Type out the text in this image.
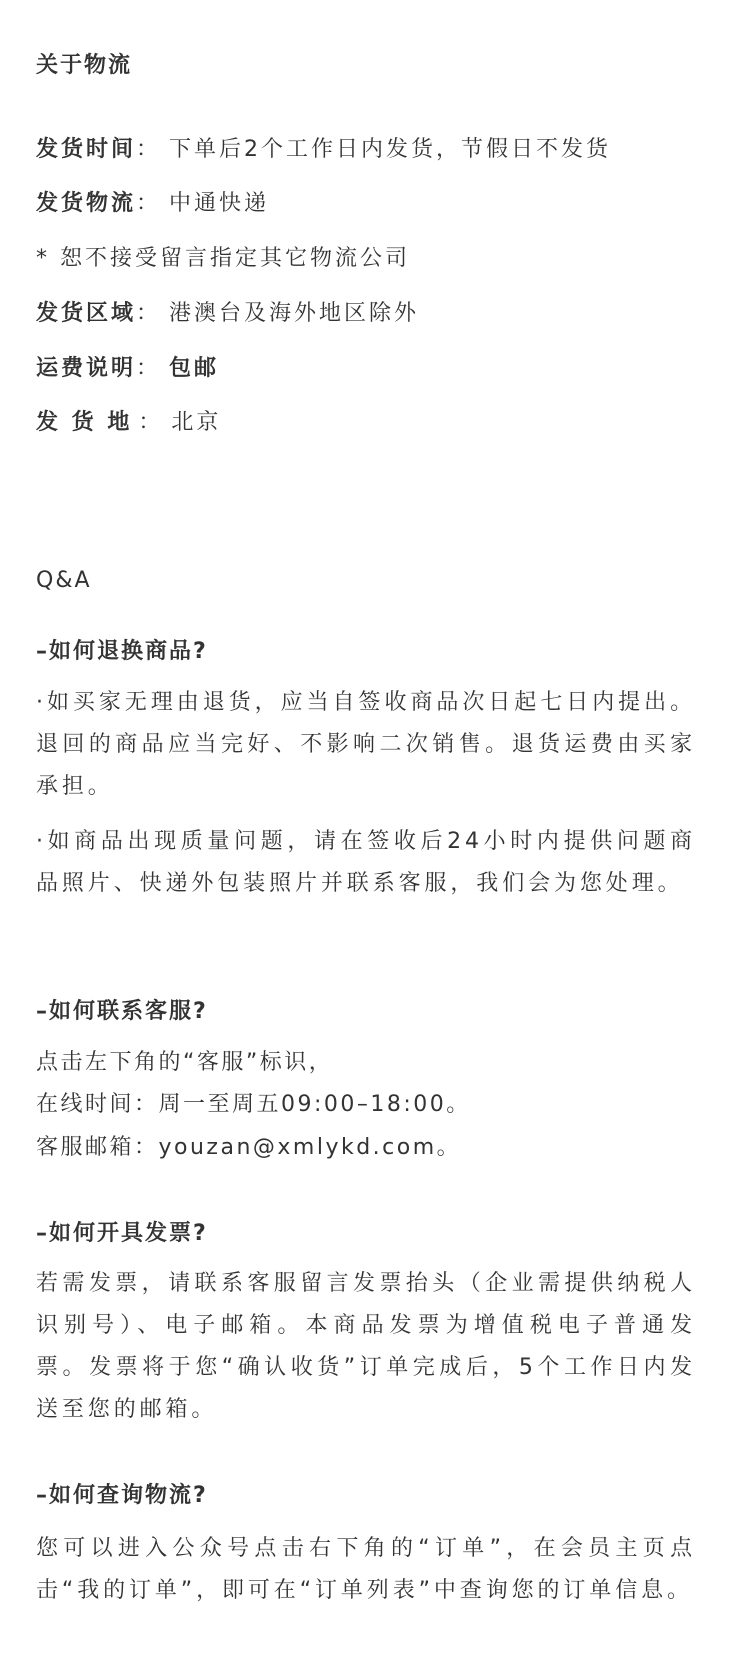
关于物流
发货时间： 下单后2个工作日内发货，节假日不发货
发货物流： 中通快递
* 恕不接受留言指定其它物流公司
发货区域： 港澳台及海外地区除外
运费说明： 包邮
发 货 地 ： 北京
Q&A
–如何退换商品?

·如买家无理由退货，应当自签收商品次日起七日内提出。退回的商品应当完好、不影响二次销售。退货运费由买家承担。

·如商品出现质量问题，请在签收后24小时内提供问题商品照片、快递外包装照片并联系客服，我们会为您处理。

–如何联系客服?

点击左下角的“客服”标识，

在线时间：周一至周五09:00–18:00。

客服邮箱：youzan@xmlykd.com。

–如何开具发票?

若需发票，请联系客服留言发票抬头（企业需提供纳税人识别号）、电子邮箱。本商品发票为增值税电子普通发票。发票将于您“确认收货”订单完成后，5个工作日内发送至您的邮箱。

–如何查询物流?

您可以进入公众号点击右下角的“订单”，在会员主页点击“我的订单”，即可在“订单列表”中查询您的订单信息。
